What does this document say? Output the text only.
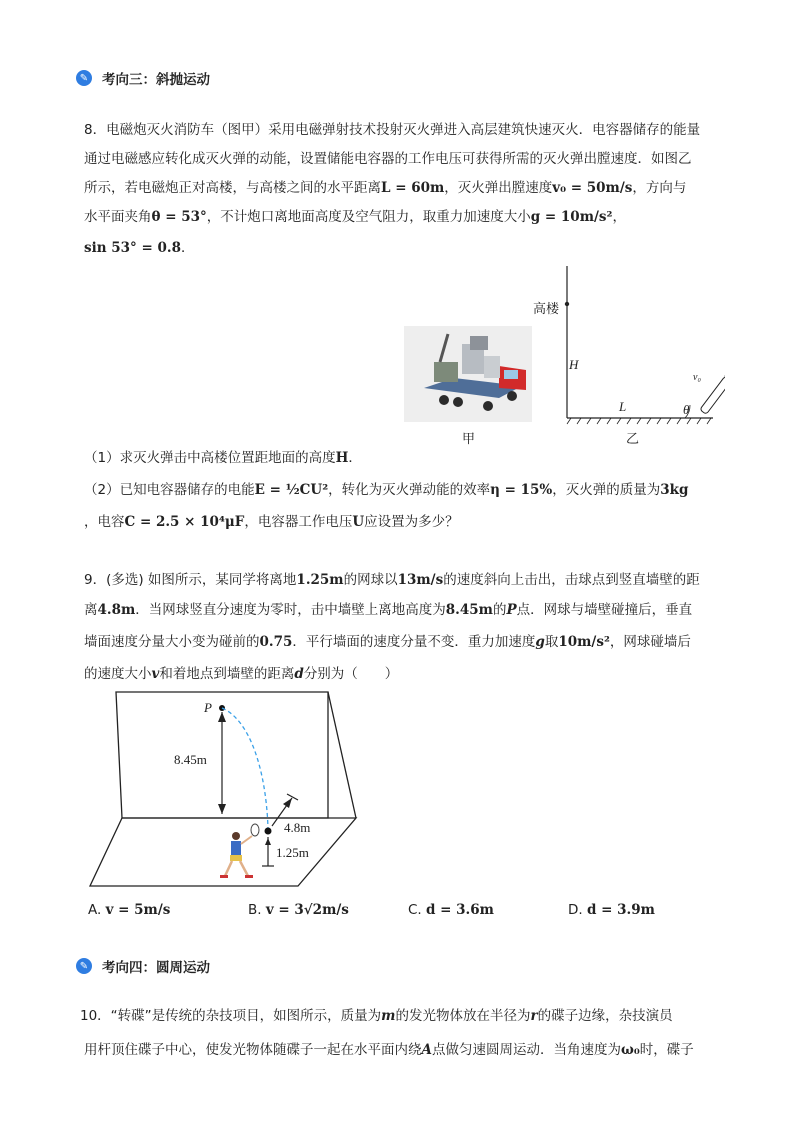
✎ 考向三：斜抛运动
8．电磁炮灭火消防车（图甲）采用电磁弹射技术投射灭火弹进入高层建筑快速灭火．电容器储存的能量
通过电磁感应转化成灭火弹的动能，设置储能电容器的工作电压可获得所需的灭火弹出膛速度．如图乙
所示，若电磁炮正对高楼，与高楼之间的水平距离L = 60m，灭火弹出膛速度v₀ = 50m/s，方向与
水平面夹角θ = 53°，不计炮口离地面高度及空气阻力，取重力加速度大小g = 10m/s²，
sin 53° = 0.8．
甲
高楼
H
L	θ
v₀
乙
（1）求灭火弹击中高楼位置距地面的高度H．
（2）已知电容器储存的电能E = ½CU²，转化为灭火弹动能的效率η = 15%，灭火弹的质量为3kg
，电容C = 2.5 × 10⁴μF，电容器工作电压U应设置为多少？
9．(多选) 如图所示，某同学将离地1.25m的网球以13m/s的速度斜向上击出，击球点到竖直墙壁的距
离4.8m．当网球竖直分速度为零时，击中墙壁上离地高度为8.45m的P点．网球与墙壁碰撞后，垂直
墙面速度分量大小变为碰前的0.75．平行墙面的速度分量不变．重力加速度g取10m/s²，网球碰墙后
的速度大小v和着地点到墙壁的距离d分别为（　　）
P
8.45m
4.8m
1.25m
A. v = 5m/s	B. v = 3√2m/s	C. d = 3.6m	D. d = 3.9m
✎ 考向四：圆周运动
10．“转碟”是传统的杂技项目，如图所示，质量为m的发光物体放在半径为r的碟子边缘，杂技演员
用杆顶住碟子中心，使发光物体随碟子一起在水平面内绕A点做匀速圆周运动．当角速度为ω₀时，碟子
